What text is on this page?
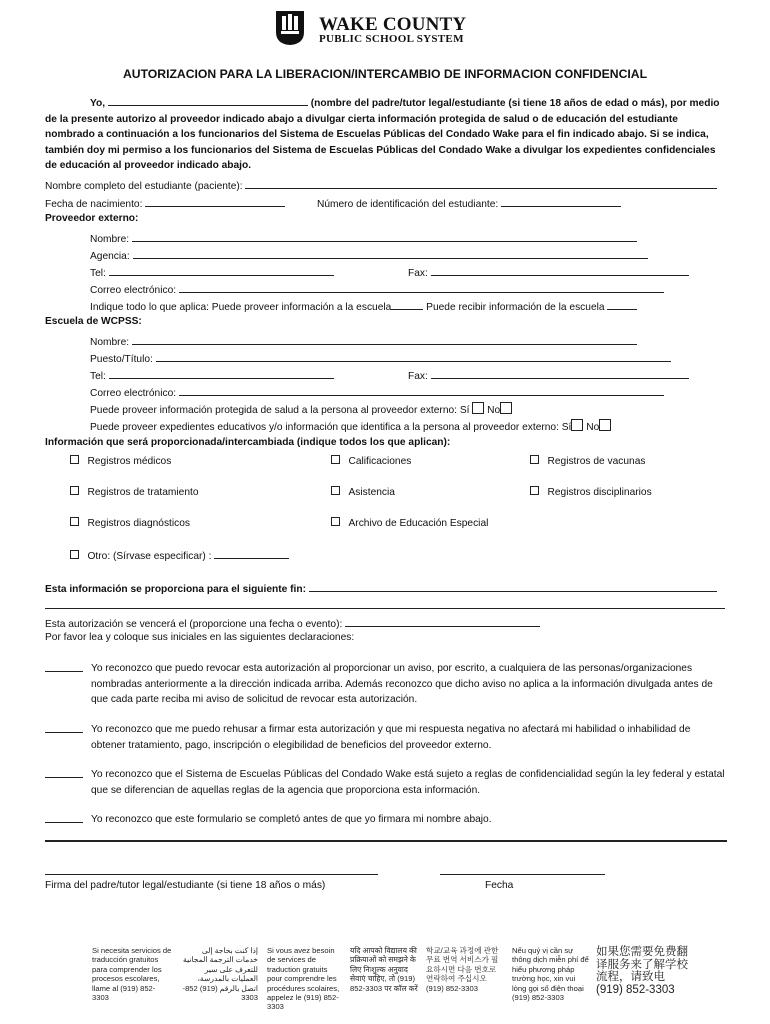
WAKE COUNTY
PUBLIC SCHOOL SYSTEM
AUTORIZACION PARA LA LIBERACION/INTERCAMBIO DE INFORMACION CONFIDENCIAL
Yo,	(nombre del padre/tutor legal/estudiante (si tiene 18 años de edad o más), por medio de la presente autorizo al proveedor indicado abajo a divulgar cierta información protegida de salud o de educación del estudiante nombrado a continuación a los funcionarios del Sistema de Escuelas Públicas del Condado Wake para el fin indicado abajo. Si se indica, también doy mi permiso a los funcionarios del Sistema de Escuelas Públicas del Condado Wake a divulgar los expedientes confidenciales de educación al proveedor indicado abajo.
Nombre completo del estudiante (paciente):
Fecha de nacimiento:	Número de identificación del estudiante:
Proveedor externo:
Nombre:
Agencia:
Tel:	Fax:
Correo electrónico:
Indique todo lo que aplica: Puede proveer información a la escuela	Puede recibir información de la escuela
Escuela de WCPSS:
Nombre:
Puesto/Título:
Tel:	Fax:
Correo electrónico:
Puede proveer información protegida de salud a la persona al proveedor externo: Sí No
Puede proveer expedientes educativos y/o información que identifica a la persona al proveedor externo: Sí No
Información que será proporcionada/intercambiada (indique todos los que aplican):
Registros médicos	Calificaciones	Registros de vacunas
Registros de tratamiento	Asistencia	Registros disciplinarios
Registros diagnósticos	Archivo de Educación Especial
Otro: (Sírvase especificar) :
Esta información se proporciona para el siguiente fin:
Esta autorización se vencerá el (proporcione una fecha o evento):
Por favor lea y coloque sus iniciales en las siguientes declaraciones:
Yo reconozco que puedo revocar esta autorización al proporcionar un aviso, por escrito, a cualquiera de las personas/organizaciones nombradas anteriormente a la dirección indicada arriba. Además reconozco que dicho aviso no aplica a la información divulgada antes de que cada parte reciba mi aviso de solicitud de revocar esta autorización.
Yo reconozco que me puedo rehusar a firmar esta autorización y que mi respuesta negativa no afectará mi habilidad o inhabilidad de obtener tratamiento, pago, inscripción o elegibilidad de beneficios del proveedor externo.
Yo reconozco que el Sistema de Escuelas Públicas del Condado Wake está sujeto a reglas de confidencialidad según la ley federal y estatal que se diferencian de aquellas reglas de la agencia que proporciona esta información.
Yo reconozco que este formulario se completó antes de que yo firmara mi nombre abajo.
Firma del padre/tutor legal/estudiante (si tiene 18 años o más)	Fecha
Si necesita servicios de traducción gratuitos para comprender los procesos escolares, llame al (919) 852-3303
إذا كنت بحاجة إلى خدمات الترجمة المجانية للتعرف على سير العمليات بالمدرسة، اتصل بالرقم (919) 852-3303
Si vous avez besoin de services de traduction gratuits pour comprendre les procédures scolaires, appelez le (919) 852-3303
यदि आपको विद्यालय की प्रक्रियाओं को समझने के लिए निःशुल्क अनुवाद सेवाएं चाहिए, तो (919) 852-3303 पर कॉल करें
학교/교육 과정에 관한 무료 번역 서비스가 필요하시면 다음 번호로 연락하여 주십시오 (919) 852-3303
Nếu quý vị cần sự thông dịch miễn phí để hiểu phương pháp trường học, xin vui lòng gọi số điện thoại (919) 852-3303
如果您需要免费翻译服务来了解学校流程，请致电 (919) 852-3303
